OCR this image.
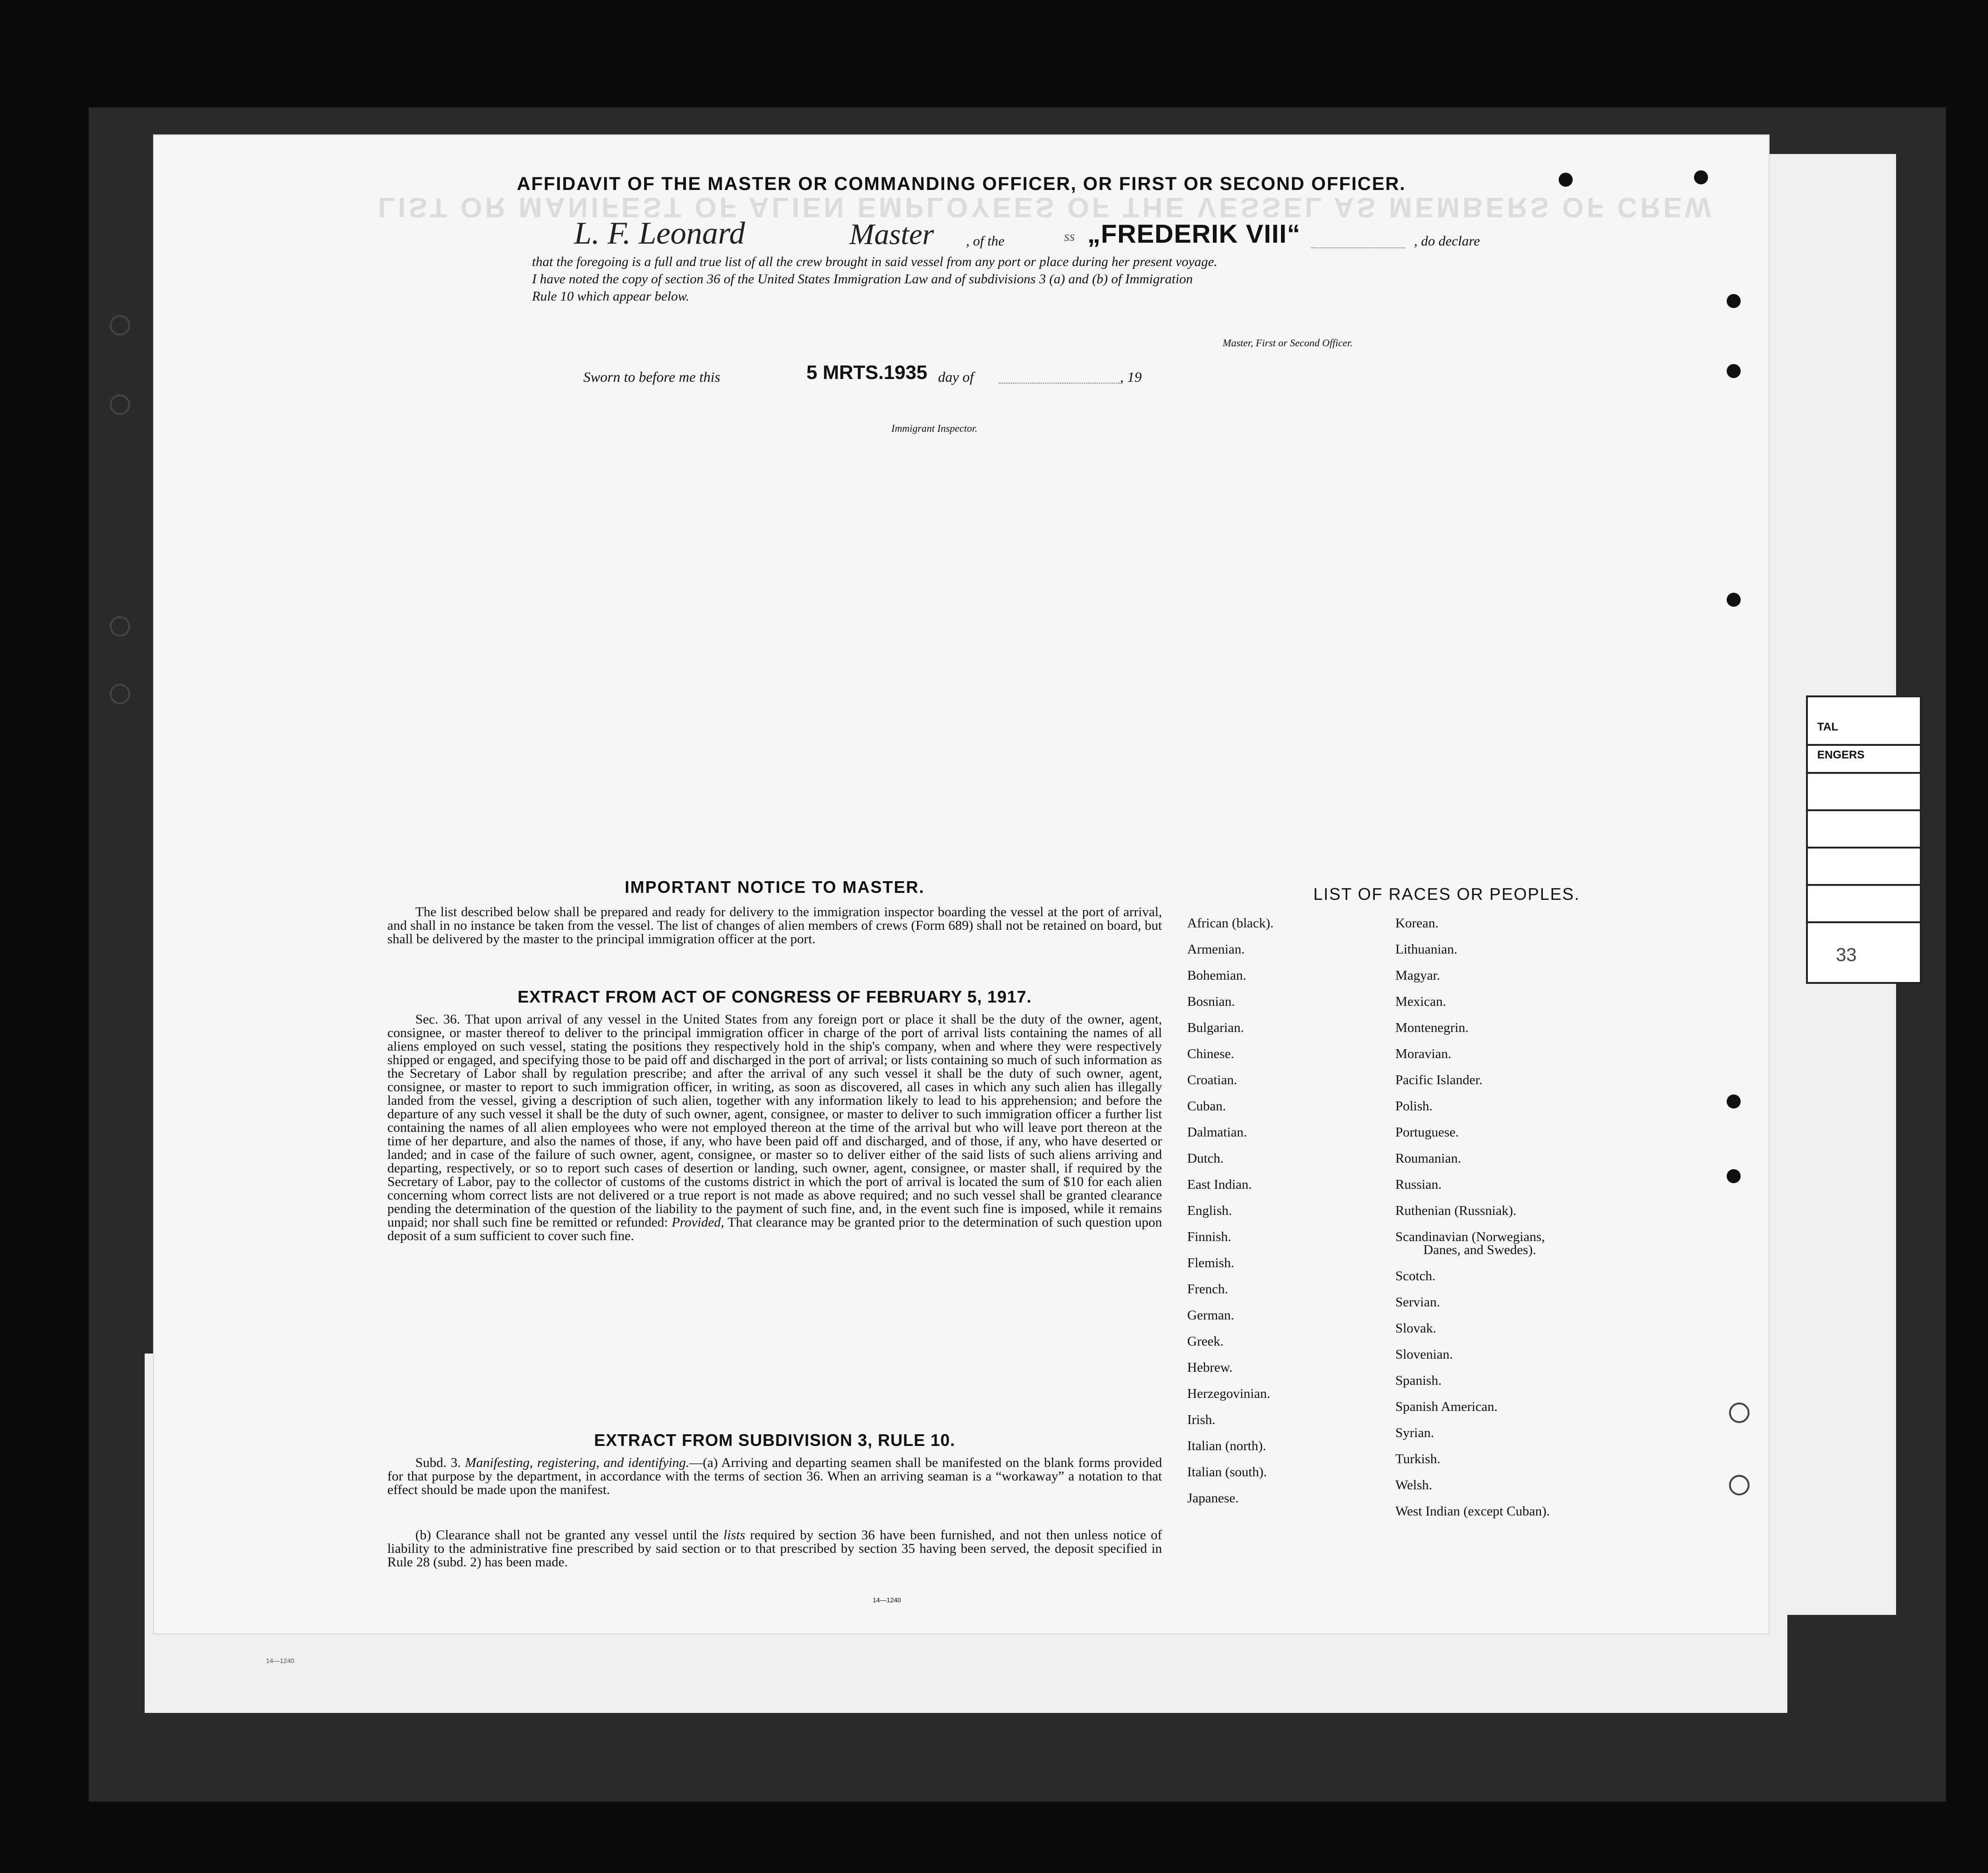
14—1240
TAL
ENGERS
33
LIST OR MANIFEST OF ALIEN EMPLOYEES OF THE VESSEL AS MEMBERS OF CREW
AFFIDAVIT OF THE MASTER OR COMMANDING OFFICER, OR FIRST OR SECOND OFFICER.
L. F. Leonard	Master , of the	ss „FREDERIK VIII“	, do declare
that the foregoing is a full and true list of all the crew brought in said vessel from any port or place during her present voyage.
I have noted the copy of section 36 of the United States Immigration Law and of subdivisions 3 (a) and (b) of Immigration
Rule 10 which appear below.
Master, First or Second Officer.
Sworn to before me this	5 MRTS.1935 day of	, 19
Immigrant Inspector.
IMPORTANT NOTICE TO MASTER.
The list described below shall be prepared and ready for delivery to the immigration inspector boarding the vessel at the port of arrival, and shall in no instance be taken from the vessel. The list of changes of alien members of crews (Form 689) shall not be retained on board, but shall be delivered by the master to the principal immigration officer at the port.
EXTRACT FROM ACT OF CONGRESS OF FEBRUARY 5, 1917.
Sec. 36. That upon arrival of any vessel in the United States from any foreign port or place it shall be the duty of the owner, agent, consignee, or master thereof to deliver to the principal immigration officer in charge of the port of arrival lists containing the names of all aliens employed on such vessel, stating the positions they respectively hold in the ship's company, when and where they were respectively shipped or engaged, and specifying those to be paid off and discharged in the port of arrival; or lists containing so much of such information as the Secretary of Labor shall by regulation prescribe; and after the arrival of any such vessel it shall be the duty of such owner, agent, consignee, or master to report to such immigration officer, in writing, as soon as discovered, all cases in which any such alien has illegally landed from the vessel, giving a description of such alien, together with any information likely to lead to his apprehension; and before the departure of any such vessel it shall be the duty of such owner, agent, consignee, or master to deliver to such immigration officer a further list containing the names of all alien employees who were not employed thereon at the time of the arrival but who will leave port thereon at the time of her departure, and also the names of those, if any, who have been paid off and discharged, and of those, if any, who have deserted or landed; and in case of the failure of such owner, agent, consignee, or master so to deliver either of the said lists of such aliens arriving and departing, respectively, or so to report such cases of desertion or landing, such owner, agent, consignee, or master shall, if required by the Secretary of Labor, pay to the collector of customs of the customs district in which the port of arrival is located the sum of $10 for each alien concerning whom correct lists are not delivered or a true report is not made as above required; and no such vessel shall be granted clearance pending the determination of the question of the liability to the payment of such fine, and, in the event such fine is imposed, while it remains unpaid; nor shall such fine be remitted or refunded: Provided, That clearance may be granted prior to the determination of such question upon deposit of a sum sufficient to cover such fine.
EXTRACT FROM SUBDIVISION 3, RULE 10.
Subd. 3. Manifesting, registering, and identifying.—(a) Arriving and departing seamen shall be manifested on the blank forms provided for that purpose by the department, in accordance with the terms of section 36. When an arriving seaman is a “workaway” a notation to that effect should be made upon the manifest.
(b) Clearance shall not be granted any vessel until the lists required by section 36 have been furnished, and not then unless notice of liability to the administrative fine prescribed by said section or to that prescribed by section 35 having been served, the deposit specified in Rule 28 (subd. 2) has been made.
14—1240
LIST OF RACES OR PEOPLES.
African (black).
Armenian.
Bohemian.
Bosnian.
Bulgarian.
Chinese.
Croatian.
Cuban.
Dalmatian.
Dutch.
East Indian.
English.
Finnish.
Flemish.
French.
German.
Greek.
Hebrew.
Herzegovinian.
Irish.
Italian (north).
Italian (south).
Japanese.
Korean.
Lithuanian.
Magyar.
Mexican.
Montenegrin.
Moravian.
Pacific Islander.
Polish.
Portuguese.
Roumanian.
Russian.
Ruthenian (Russniak).
Scandinavian (Norwegians,
Danes, and Swedes).
Scotch.
Servian.
Slovak.
Slovenian.
Spanish.
Spanish American.
Syrian.
Turkish.
Welsh.
West Indian (except Cuban).
